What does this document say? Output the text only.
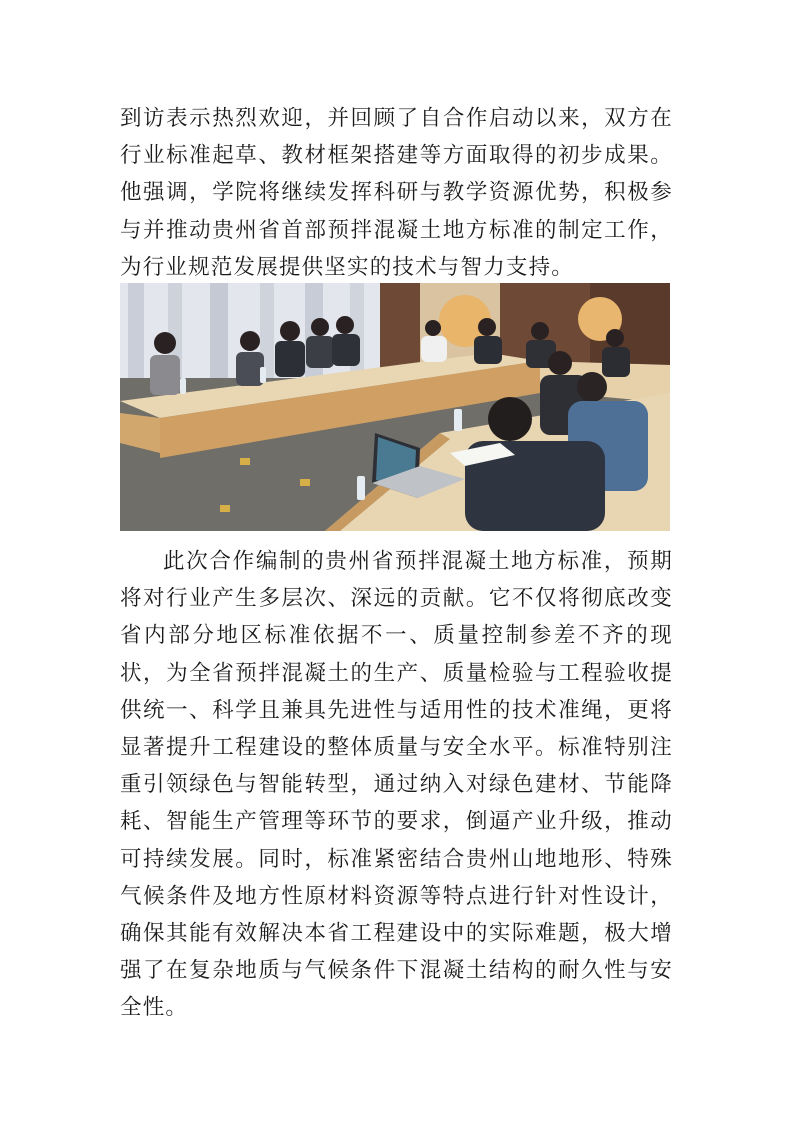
到访表示热烈欢迎，并回顾了自合作启动以来，双方在行业标准起草、教材框架搭建等方面取得的初步成果。他强调，学院将继续发挥科研与教学资源优势，积极参与并推动贵州省首部预拌混凝土地方标准的制定工作，为行业规范发展提供坚实的技术与智力支持。

此次合作编制的贵州省预拌混凝土地方标准，预期将对行业产生多层次、深远的贡献。它不仅将彻底改变省内部分地区标准依据不一、质量控制参差不齐的现状，为全省预拌混凝土的生产、质量检验与工程验收提供统一、科学且兼具先进性与适用性的技术准绳，更将显著提升工程建设的整体质量与安全水平。标准特别注重引领绿色与智能转型，通过纳入对绿色建材、节能降耗、智能生产管理等环节的要求，倒逼产业升级，推动可持续发展。同时，标准紧密结合贵州山地地形、特殊气候条件及地方性原材料资源等特点进行针对性设计，确保其能有效解决本省工程建设中的实际难题，极大增强了在复杂地质与气候条件下混凝土结构的耐久性与安全性。
